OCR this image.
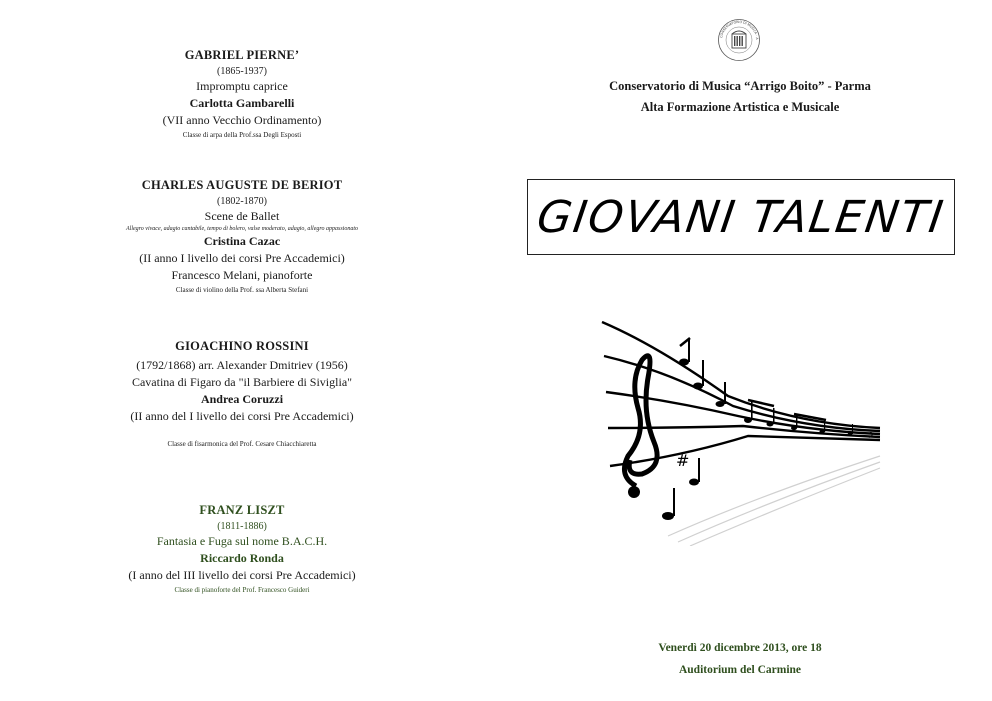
GABRIEL PIERNE’
(1865-1937)
Impromptu caprice
Carlotta Gambarelli
(VII anno Vecchio Ordinamento)
Classe di arpa della Prof.ssa Degli Esposti
CHARLES AUGUSTE DE BERIOT
(1802-1870)
Scene de Ballet
Allegro vivace, adagio cantabile, tempo di bolero, valse moderato, adagio, allegro appassionato
Cristina Cazac
(II anno I livello dei corsi Pre Accademici)
Francesco Melani, pianoforte
Classe di violino della Prof. ssa Alberta Stefani
GIOACHINO ROSSINI
(1792/1868) arr. Alexander Dmitriev (1956)
Cavatina di Figaro da "il Barbiere di Siviglia"
Andrea Coruzzi
(II anno del I livello dei corsi Pre Accademici)
Classe di fisarmonica del Prof. Cesare Chiacchiaretta
FRANZ LISZT
(1811-1886)
Fantasia e Fuga sul nome B.A.C.H.
Riccardo Ronda
(I anno del III livello dei corsi Pre Accademici)
Classe di pianoforte del Prof. Francesco Guideri
CONSERVATORIO DI MUSICA · A
Conservatorio di Musica “Arrigo Boito” - Parma
Alta Formazione Artistica e Musicale
GIOVANI TALENTI
#
𝄢
Venerdì 20 dicembre 2013, ore 18
Auditorium del Carmine
